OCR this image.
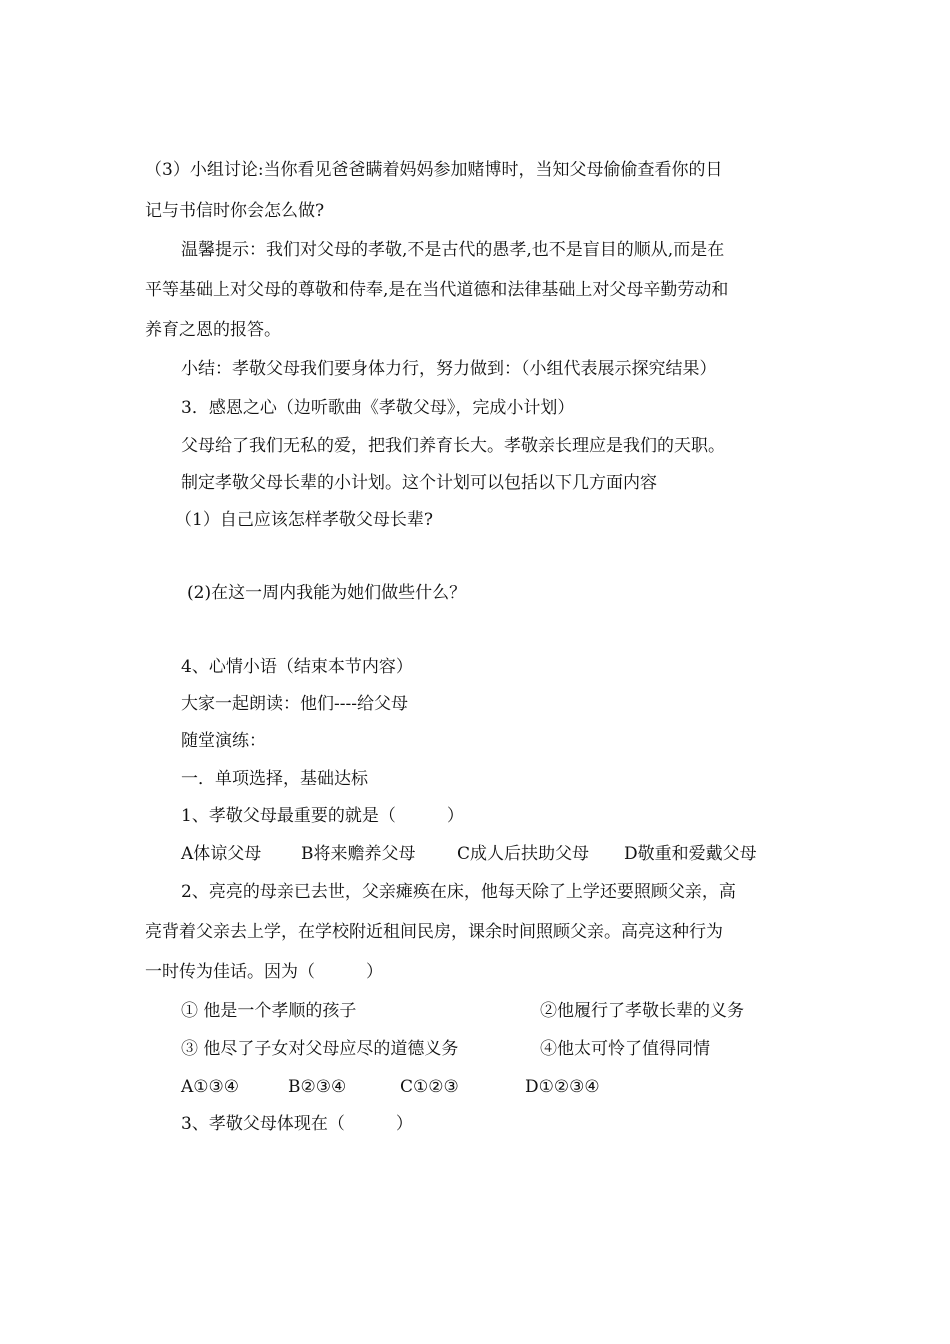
（3）小组讨论:当你看见爸爸瞒着妈妈参加赌博时，当知父母偷偷查看你的日
记与书信时你会怎么做?
温馨提示：我们对父母的孝敬,不是古代的愚孝,也不是盲目的顺从,而是在
平等基础上对父母的尊敬和侍奉,是在当代道德和法律基础上对父母辛勤劳动和
养育之恩的报答。
小结：孝敬父母我们要身体力行，努力做到：（小组代表展示探究结果）
3．感恩之心（边听歌曲《孝敬父母》，完成小计划）
父母给了我们无私的爱，把我们养育长大。孝敬亲长理应是我们的天职。
制定孝敬父母长辈的小计划。这个计划可以包括以下几方面内容
（1）自己应该怎样孝敬父母长辈?
(2)在这一周内我能为她们做些什么？
4、心情小语（结束本节内容）
大家一起朗读：他们----给父母
随堂演练：
一．单项选择，基础达标
1、孝敬父母最重要的就是（　　　）
A体谅父母 B将来赡养父母 C成人后扶助父母 D敬重和爱戴父母
2、亮亮的母亲已去世，父亲瘫痪在床，他每天除了上学还要照顾父亲，高
亮背着父亲去上学，在学校附近租间民房，课余时间照顾父亲。高亮这种行为
一时传为佳话。因为（　　　）
① 他是一个孝顺的孩子	②他履行了孝敬长辈的义务
③ 他尽了子女对父母应尽的道德义务	④他太可怜了值得同情
A①③④	B②③④	C①②③	D①②③④
3、孝敬父母体现在（　　　）
